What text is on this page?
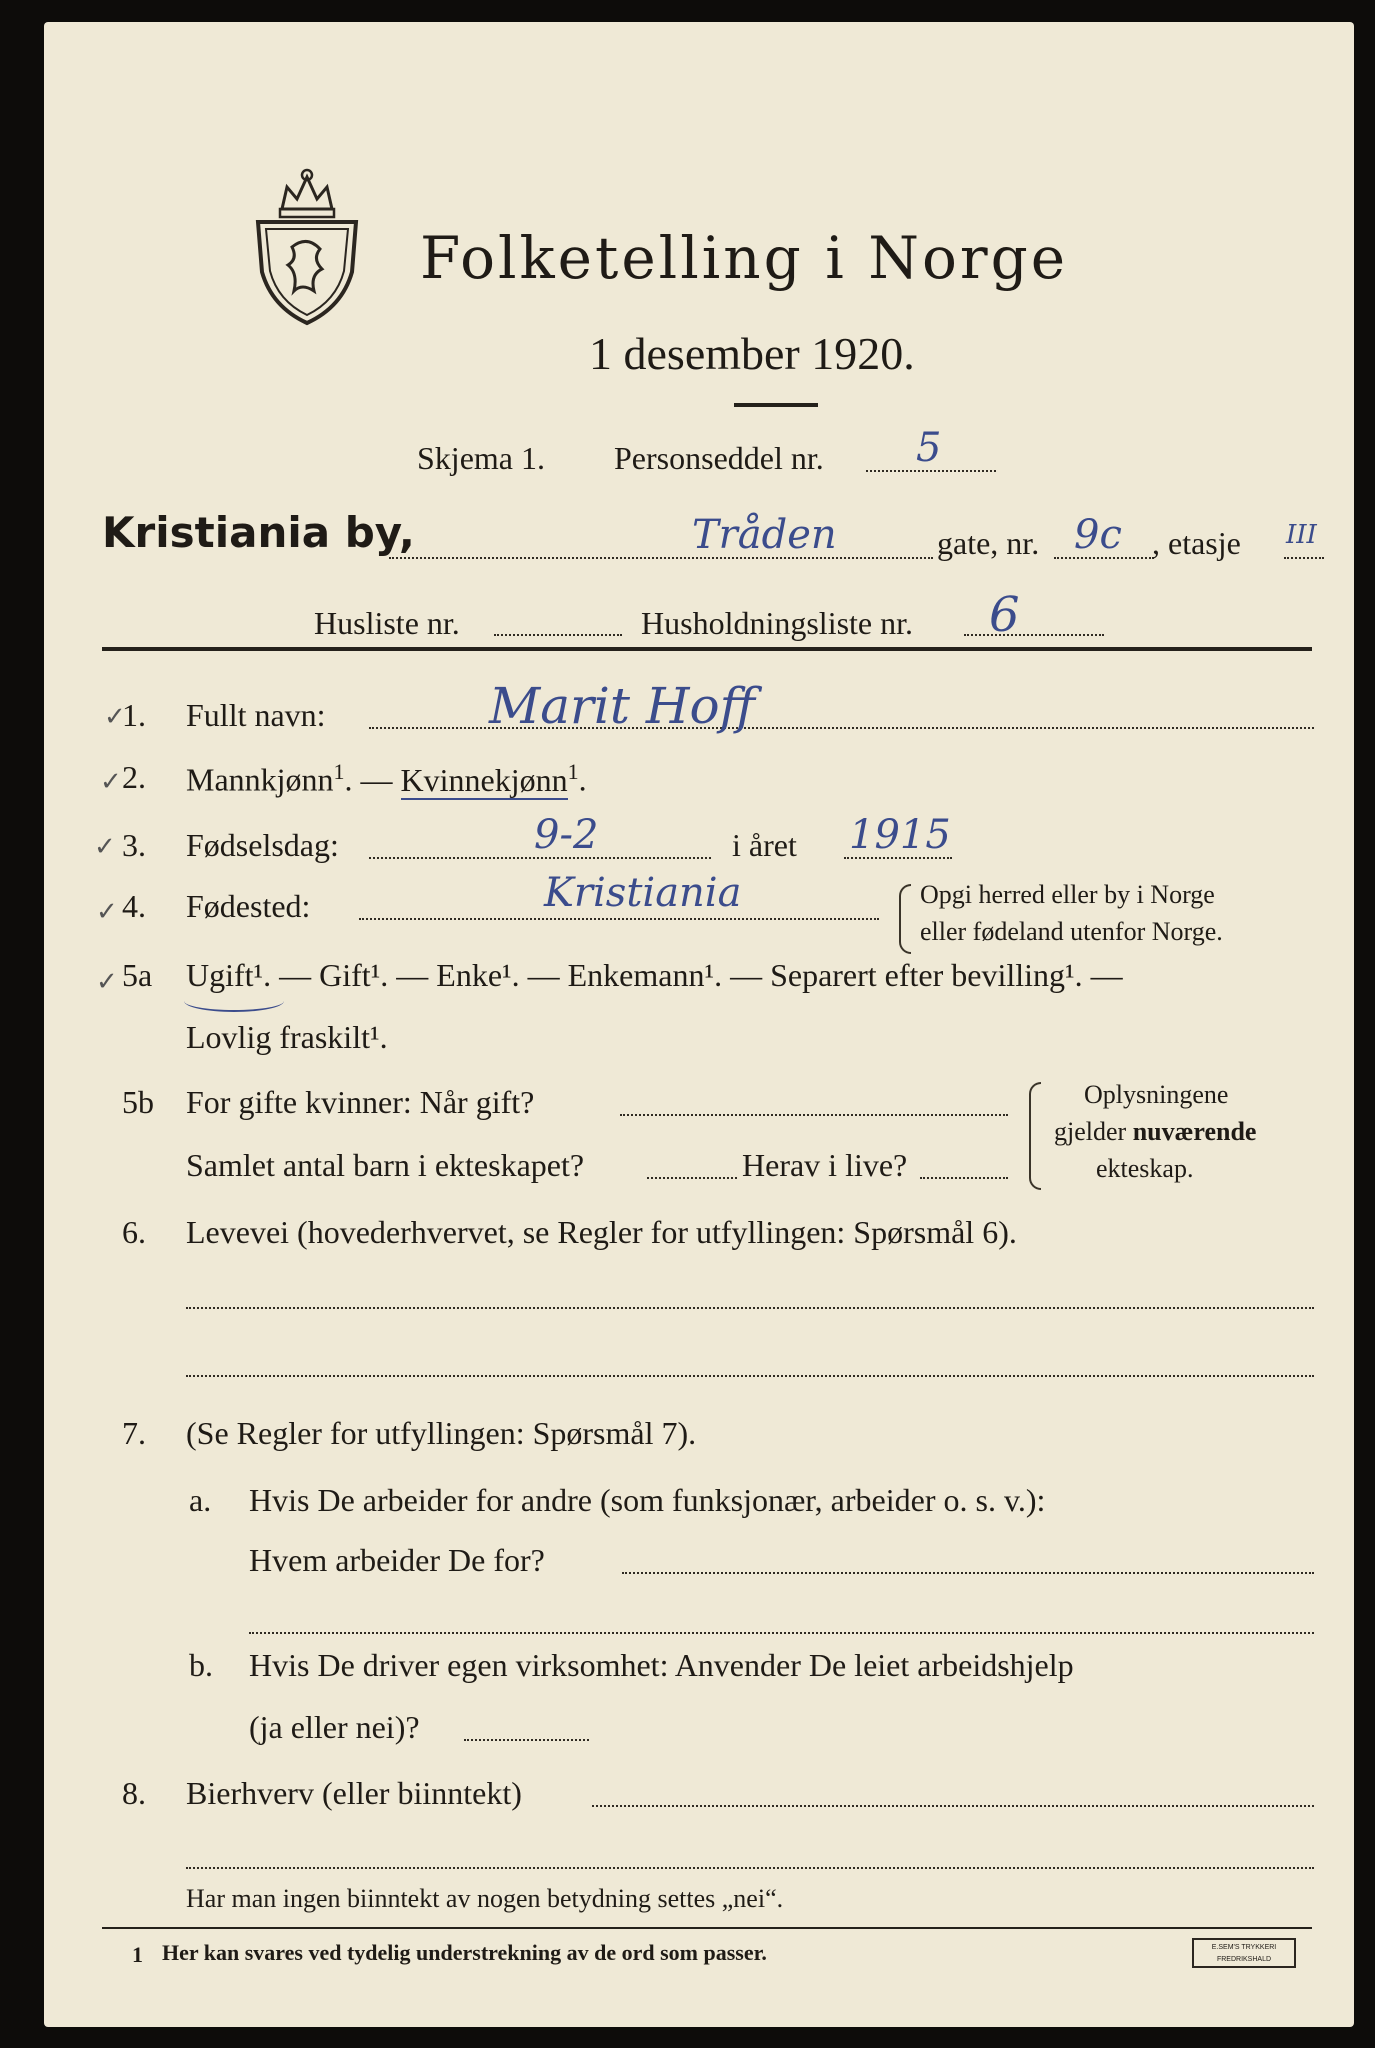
Folketelling i Norge
1 desember 1920.
Skjema 1. Personseddel nr. 5
Kristiania by,	Tråden	gate, nr. 9c , etasje III
Husliste nr.	Husholdningsliste nr. 6
✓
1. Fullt navn:	Marit Hoff
✓ 2. Mannkjønn$^1$. — Kvinnekjønn$^1$.
✓ 3. Fødselsdag:	9-2	i året 1915
✓ 4. Fødested:	Kristiania	Opgi herred eller by i Norge
eller fødeland utenfor Norge.
✓ 5a Ugift¹. — Gift¹. — Enke¹. — Enkemann¹. — Separert efter bevilling¹. —
Lovlig fraskilt¹.
5b For gifte kvinner: Når gift?
Samlet antal barn i ekteskapet?	Herav i live?
Oplysningene
gjelder nuværende
ekteskap.
6. Levevei (hovederhvervet, se Regler for utfyllingen: Spørsmål 6).
7. (Se Regler for utfyllingen: Spørsmål 7).
a. Hvis De arbeider for andre (som funksjonær, arbeider o. s. v.):
Hvem arbeider De for?
b. Hvis De driver egen virksomhet: Anvender De leiet arbeidshjelp
(ja eller nei)?
8. Bierhverv (eller biinntekt)
Har man ingen biinntekt av nogen betydning settes „nei“.
1 Her kan svares ved tydelig understrekning av de ord som passer.	E.SEM'S TRYKKERI
FREDRIKSHALD
